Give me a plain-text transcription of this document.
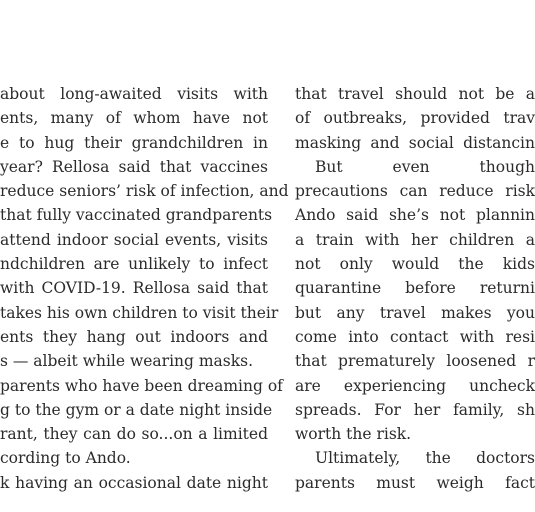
about long-awaited visits with
ents, many of whom have not
e to hug their grandchildren in
year? Rellosa said that vaccines
reduce seniors’ risk of infection, and
that fully vaccinated grandparents
attend indoor social events, visits
ndchildren are unlikely to infect
with COVID-19. Rellosa said that
takes his own children to visit their
ents they hang out indoors and
s — albeit while wearing masks.
parents who have been dreaming of
g to the gym or a date night inside
rant, they can do so...on a limited
cording to Ando.
k having an occasional date night
that travel should not be a
of outbreaks, provided trav
masking and social distancin
But      even      though
precautions can reduce risk
Ando said she’s not plannin
a train with her children a
not only would the kids
quarantine before returni
but any travel makes you
come into contact with resi
that prematurely loosened r
are experiencing uncheck
spreads. For her family, sh
worth the risk.
Ultimately, the doctors
parents must weigh fact
